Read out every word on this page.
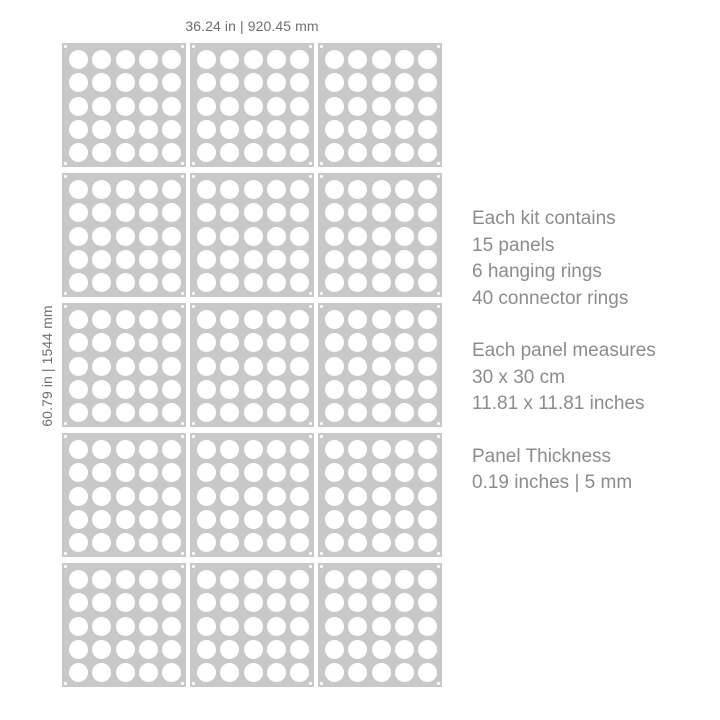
36.24 in | 920.45 mm
60.79 in | 1544 mm
Each kit contains
15 panels
6 hanging rings
40 connector rings
Each panel measures
30 x 30 cm
11.81 x 11.81 inches
Panel Thickness
0.19 inches | 5 mm
